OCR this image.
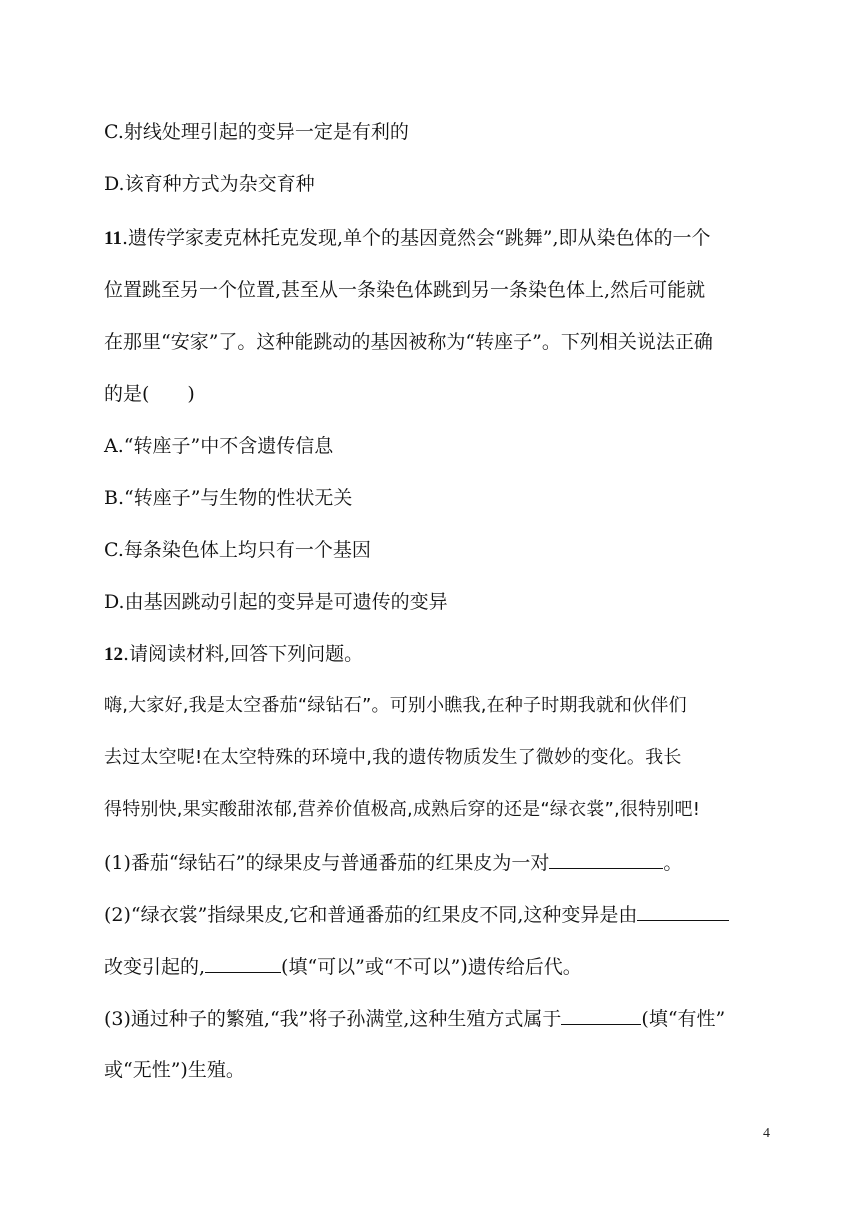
C.射线处理引起的变异一定是有利的
D.该育种方式为杂交育种
11.遗传学家麦克林托克发现,单个的基因竟然会“跳舞”,即从染色体的一个
位置跳至另一个位置,甚至从一条染色体跳到另一条染色体上,然后可能就
在那里“安家”了。这种能跳动的基因被称为“转座子”。下列相关说法正确
的是(　　)
A.“转座子”中不含遗传信息
B.“转座子”与生物的性状无关
C.每条染色体上均只有一个基因
D.由基因跳动引起的变异是可遗传的变异
12.请阅读材料,回答下列问题。
嗨,大家好,我是太空番茄“绿钻石”。可别小瞧我,在种子时期我就和伙伴们
去过太空呢!在太空特殊的环境中,我的遗传物质发生了微妙的变化。我长
得特别快,果实酸甜浓郁,营养价值极高,成熟后穿的还是“绿衣裳”,很特别吧!
(1)番茄“绿钻石”的绿果皮与普通番茄的红果皮为一对	。
(2)“绿衣裳”指绿果皮,它和普通番茄的红果皮不同,这种变异是由
改变引起的,	(填“可以”或“不可以”)遗传给后代。
(3)通过种子的繁殖,“我”将子孙满堂,这种生殖方式属于	(填“有性”
或“无性”)生殖。
4
